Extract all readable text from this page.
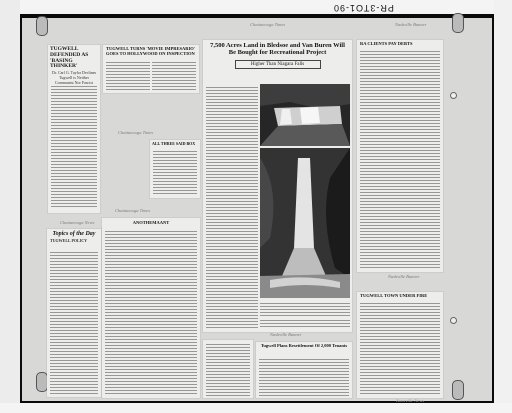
PR-3TO1-90
TUGWELL DEFENDED AS 'BASING THINKER'
Dr. Carl G. Taylor Declines Tugwell is Neither Communist Nor Fascist
Chattanooga News
Topics of the Day
TUGWELL POLICY
TUGWELL TURNS 'MOVIE IMPRESARIO' GOES TO HOLLYWOOD ON INSPECTION
Chattanooga Times
ALL THREE SAID BOX
Chattanooga Times
ANOTHEMAANT
7,500 Acres Land in Bledsoe and Van Buren Will Be Bought for Recreational Project
Higher Than Niagara Falls
Chattanooga Times	Nashville Banner
Nashville Banner
Nashville Banner
Tugwell Plans Resettlement Of 2,000 Tenants
RA CLIENTS PAY DEBTS
TUGWELL TOWN UNDER FIRE
Knoxville News
